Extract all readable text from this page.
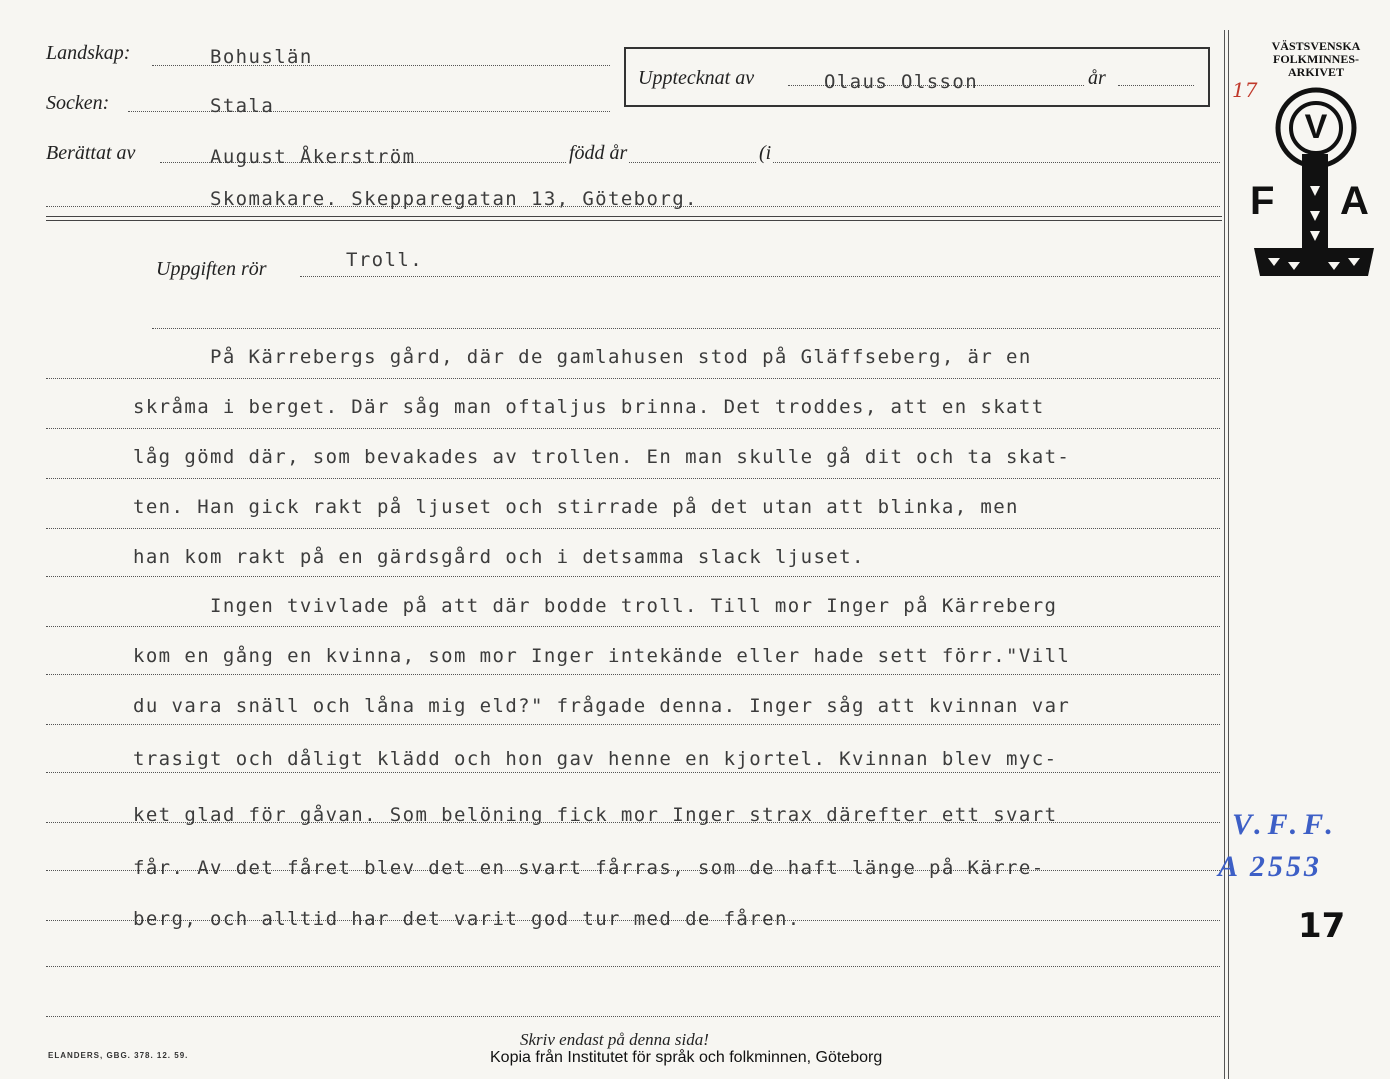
Landskap:	Bohuslän
Socken:	Stala
Berättat av	August Åkerström	född år	(i
Skomakare. Skepparegatan 13, Göteborg.
Upptecknat av	Olaus Olsson	år
Uppgiften rör	Troll.
På Kärrebergs gård, där de gamlahusen stod på Gläffseberg, är en
skråma i berget. Där såg man oftaljus brinna. Det troddes, att en skatt
låg gömd där, som bevakades av trollen. En man skulle gå dit och ta skat-
ten. Han gick rakt på ljuset och stirrade på det utan att blinka, men
han kom rakt på en gärdsgård och i detsamma slack ljuset.
Ingen tvivlade på att där bodde troll. Till mor Inger på Kärreberg
kom en gång en kvinna, som mor Inger intekände eller hade sett förr."Vill
du vara snäll och låna mig eld?" frågade denna. Inger såg att kvinnan var
trasigt och dåligt klädd och hon gav henne en kjortel. Kvinnan blev myc-
ket glad för gåvan. Som belöning fick mor Inger strax därefter ett svart
får. Av det fåret blev det en svart fårras, som de haft länge på Kärre-
berg, och alltid har det varit god tur med de fåren.
VÄSTSVENSKA
FOLKMINNES-
ARKIVET
V
F A
17
V.F.F.
A 2553
17
Skriv endast på denna sida!
ELANDERS, GBG. 378. 12. 59.	Kopia från Institutet för språk och folkminnen, Göteborg
